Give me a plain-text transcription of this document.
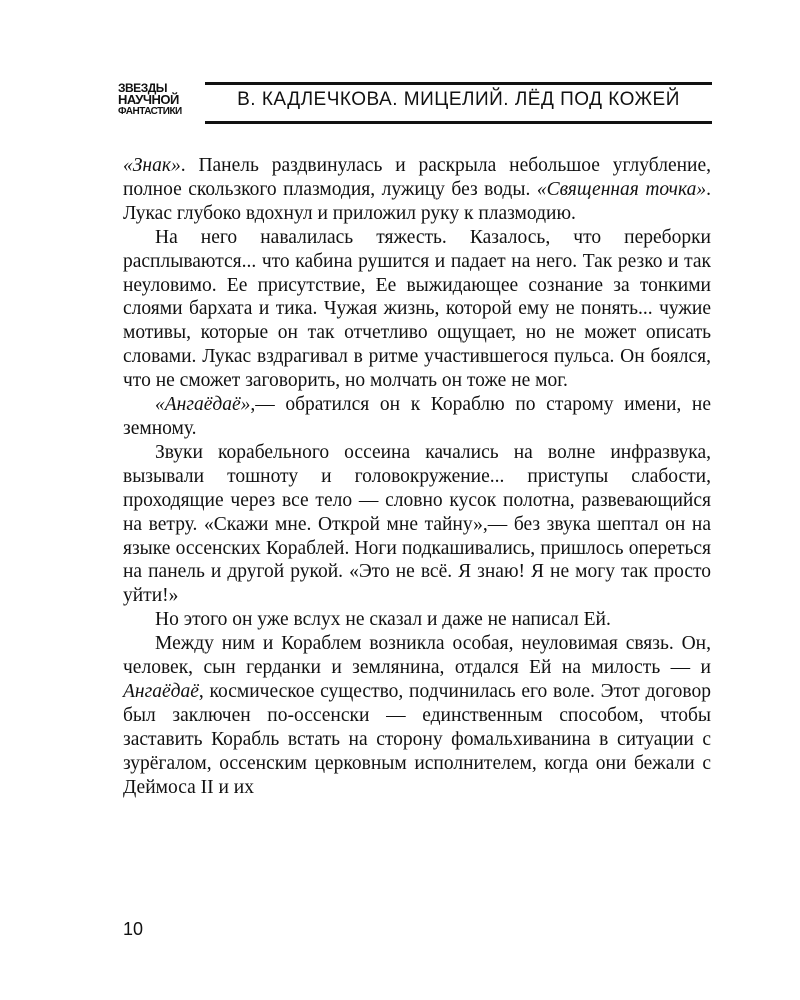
ЗВЕЗДЫ
НАУЧНОЙ
ФАНТАСТИКИ
В. КАДЛЕЧКОВА. МИЦЕЛИЙ. ЛЁД ПОД КОЖЕЙ

«Знак». Панель раздвинулась и раскрыла небольшое углубление, полное скользкого плазмодия, лужицу без воды. «Священная точка». Лукас глубоко вдохнул и приложил руку к плазмодию.

На него навалилась тяжесть. Казалось, что переборки расплываются... что кабина рушится и падает на него. Так резко и так неуловимо. Ее присутствие, Ее выжидающее сознание за тонкими слоями бархата и тика. Чужая жизнь, которой ему не понять... чужие мотивы, которые он так отчетливо ощущает, но не может описать словами. Лукас вздрагивал в ритме участившегося пульса. Он боялся, что не сможет заговорить, но молчать он тоже не мог.

«Ангаёдаё»,— обратился он к Кораблю по старому имени, не земному.

Звуки корабельного оссеина качались на волне инфразвука, вызывали тошноту и головокружение... приступы слабости, проходящие через все тело — словно кусок полотна, развевающийся на ветру. «Скажи мне. Открой мне тайну»,— без звука шептал он на языке оссенских Кораблей. Ноги подкашивались, пришлось опереться на панель и другой рукой. «Это не всё. Я знаю! Я не могу так просто уйти!»

Но этого он уже вслух не сказал и даже не написал Ей.

Между ним и Кораблем возникла особая, неуловимая связь. Он, человек, сын герданки и землянина, отдался Ей на милость — и Ангаёдаё, космическое существо, подчинилась его воле. Этот договор был заключен по-оссенски — единственным способом, чтобы заставить Корабль встать на сторону фомальхиванина в ситуации с зурёгалом, оссенским церковным исполнителем, когда они бежали с Деймоса II и их

10
